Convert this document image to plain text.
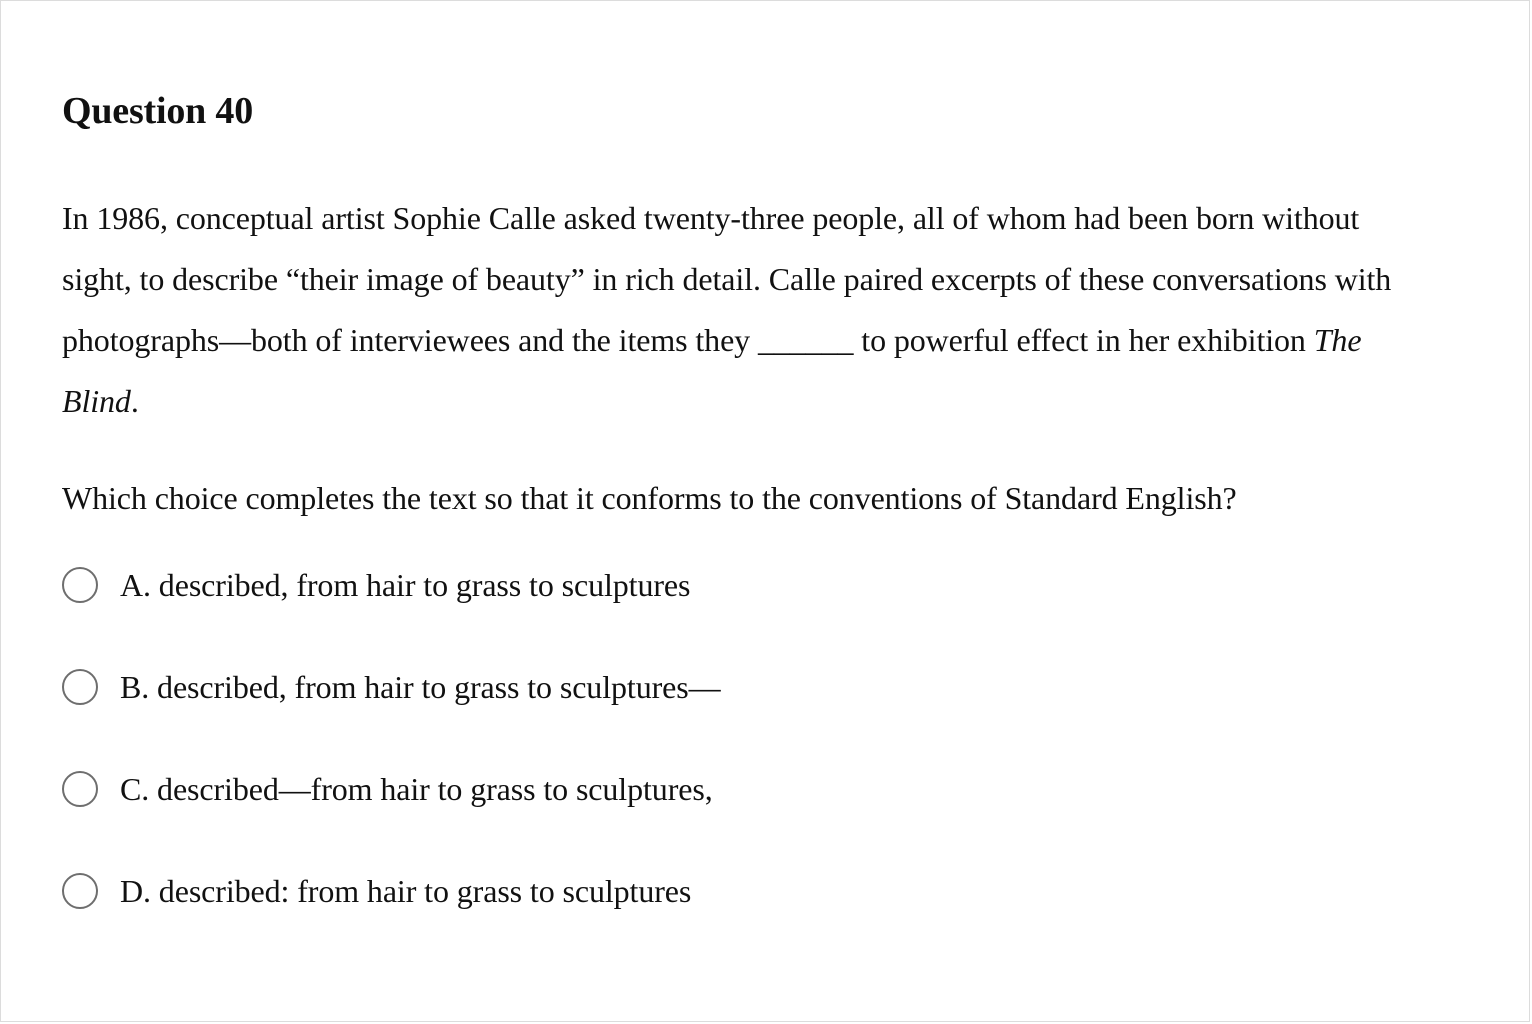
Question 40
In 1986, conceptual artist Sophie Calle asked twenty-three people, all of whom had been born without sight, to describe “their image of beauty” in rich detail. Calle paired excerpts of these conversations with photographs—both of interviewees and the items they ______ to powerful effect in her exhibition The Blind.
Which choice completes the text so that it conforms to the conventions of Standard English?
A. described, from hair to grass to sculptures
B. described, from hair to grass to sculptures—
C. described—from hair to grass to sculptures,
D. described: from hair to grass to sculptures
